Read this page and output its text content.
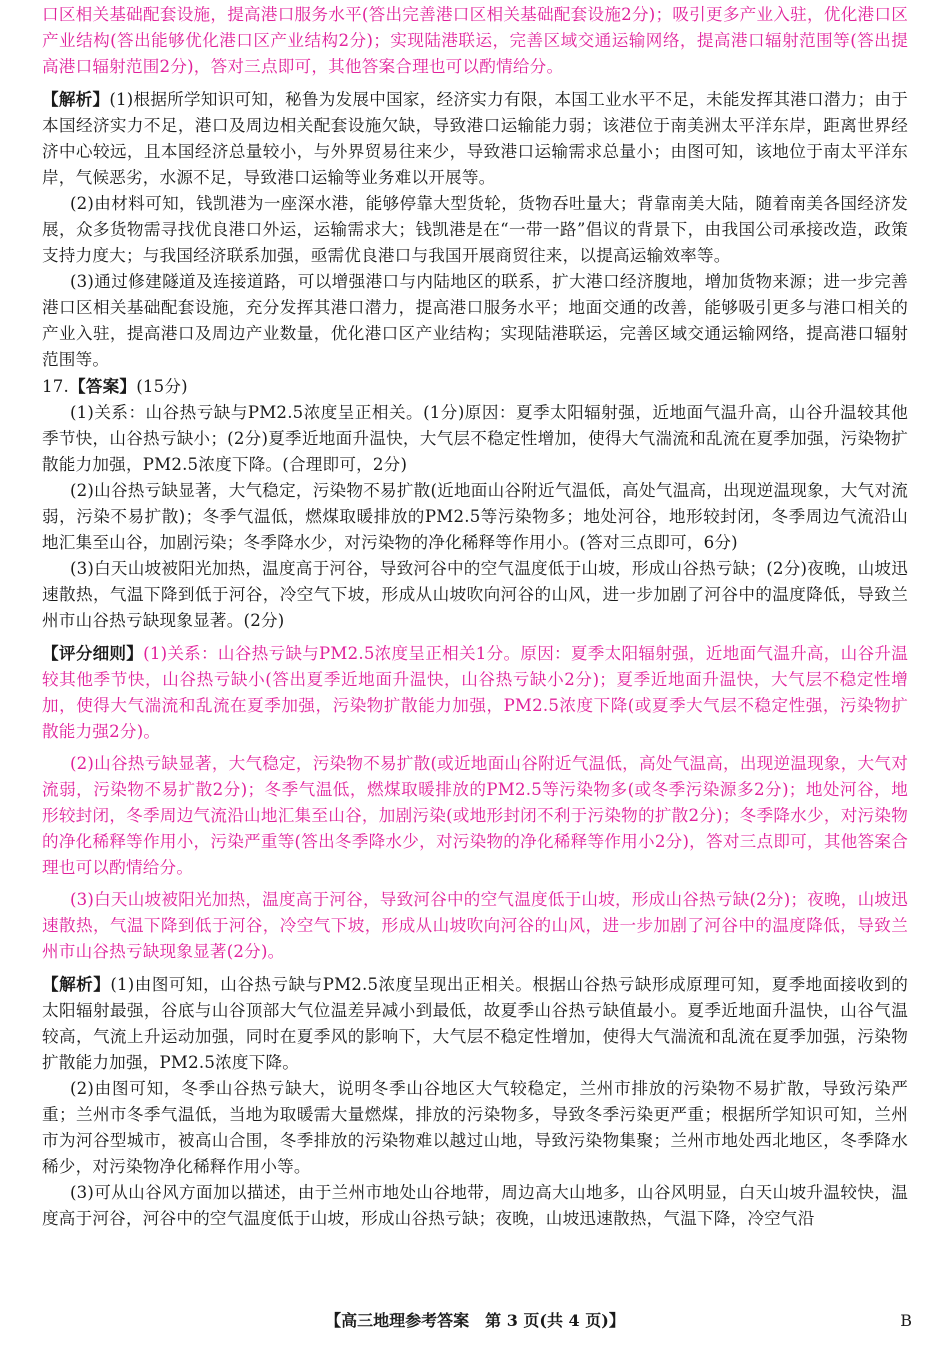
口区相关基础配套设施，提高港口服务水平(答出完善港口区相关基础配套设施2分)；吸引更多产业入驻，优化港口区产业结构(答出能够优化港口区产业结构2分)；实现陆港联运，完善区域交通运输网络，提高港口辐射范围等(答出提高港口辐射范围2分)，答对三点即可，其他答案合理也可以酌情给分。

【解析】(1)根据所学知识可知，秘鲁为发展中国家，经济实力有限，本国工业水平不足，未能发挥其港口潜力；由于本国经济实力不足，港口及周边相关配套设施欠缺，导致港口运输能力弱；该港位于南美洲太平洋东岸，距离世界经济中心较远，且本国经济总量较小，与外界贸易往来少，导致港口运输需求总量小；由图可知，该地位于南太平洋东岸，气候恶劣，水源不足，导致港口运输等业务难以开展等。

(2)由材料可知，钱凯港为一座深水港，能够停靠大型货轮，货物吞吐量大；背靠南美大陆，随着南美各国经济发展，众多货物需寻找优良港口外运，运输需求大；钱凯港是在“一带一路”倡议的背景下，由我国公司承接改造，政策支持力度大；与我国经济联系加强，亟需优良港口与我国开展商贸往来，以提高运输效率等。

(3)通过修建隧道及连接道路，可以增强港口与内陆地区的联系，扩大港口经济腹地，增加货物来源；进一步完善港口区相关基础配套设施，充分发挥其港口潜力，提高港口服务水平；地面交通的改善，能够吸引更多与港口相关的产业入驻，提高港口及周边产业数量，优化港口区产业结构；实现陆港联运，完善区域交通运输网络，提高港口辐射范围等。

17.【答案】(15分)

(1)关系：山谷热亏缺与PM2.5浓度呈正相关。(1分)原因：夏季太阳辐射强，近地面气温升高，山谷升温较其他季节快，山谷热亏缺小；(2分)夏季近地面升温快，大气层不稳定性增加，使得大气湍流和乱流在夏季加强，污染物扩散能力加强，PM2.5浓度下降。(合理即可，2分)

(2)山谷热亏缺显著，大气稳定，污染物不易扩散(近地面山谷附近气温低，高处气温高，出现逆温现象，大气对流弱，污染不易扩散)；冬季气温低，燃煤取暖排放的PM2.5等污染物多；地处河谷，地形较封闭，冬季周边气流沿山地汇集至山谷，加剧污染；冬季降水少，对污染物的净化稀释等作用小。(答对三点即可，6分)

(3)白天山坡被阳光加热，温度高于河谷，导致河谷中的空气温度低于山坡，形成山谷热亏缺；(2分)夜晚，山坡迅速散热，气温下降到低于河谷，冷空气下坡，形成从山坡吹向河谷的山风，进一步加剧了河谷中的温度降低，导致兰州市山谷热亏缺现象显著。(2分)

【评分细则】(1)关系：山谷热亏缺与PM2.5浓度呈正相关1分。原因：夏季太阳辐射强，近地面气温升高，山谷升温较其他季节快，山谷热亏缺小(答出夏季近地面升温快，山谷热亏缺小2分)；夏季近地面升温快，大气层不稳定性增加，使得大气湍流和乱流在夏季加强，污染物扩散能力加强，PM2.5浓度下降(或夏季大气层不稳定性强，污染物扩散能力强2分)。

(2)山谷热亏缺显著，大气稳定，污染物不易扩散(或近地面山谷附近气温低，高处气温高，出现逆温现象，大气对流弱，污染物不易扩散2分)；冬季气温低，燃煤取暖排放的PM2.5等污染物多(或冬季污染源多2分)；地处河谷，地形较封闭，冬季周边气流沿山地汇集至山谷，加剧污染(或地形封闭不利于污染物的扩散2分)；冬季降水少，对污染物的净化稀释等作用小，污染严重等(答出冬季降水少，对污染物的净化稀释等作用小2分)，答对三点即可，其他答案合理也可以酌情给分。

(3)白天山坡被阳光加热，温度高于河谷，导致河谷中的空气温度低于山坡，形成山谷热亏缺(2分)；夜晚，山坡迅速散热，气温下降到低于河谷，冷空气下坡，形成从山坡吹向河谷的山风，进一步加剧了河谷中的温度降低，导致兰州市山谷热亏缺现象显著(2分)。

【解析】(1)由图可知，山谷热亏缺与PM2.5浓度呈现出正相关。根据山谷热亏缺形成原理可知，夏季地面接收到的太阳辐射最强，谷底与山谷顶部大气位温差异减小到最低，故夏季山谷热亏缺值最小。夏季近地面升温快，山谷气温较高，气流上升运动加强，同时在夏季风的影响下，大气层不稳定性增加，使得大气湍流和乱流在夏季加强，污染物扩散能力加强，PM2.5浓度下降。

(2)由图可知，冬季山谷热亏缺大，说明冬季山谷地区大气较稳定，兰州市排放的污染物不易扩散，导致污染严重；兰州市冬季气温低，当地为取暖需大量燃煤，排放的污染物多，导致冬季污染更严重；根据所学知识可知，兰州市为河谷型城市，被高山合围，冬季排放的污染物难以越过山地，导致污染物集聚；兰州市地处西北地区，冬季降水稀少，对污染物净化稀释作用小等。

(3)可从山谷风方面加以描述，由于兰州市地处山谷地带，周边高大山地多，山谷风明显，白天山坡升温较快，温度高于河谷，河谷中的空气温度低于山坡，形成山谷热亏缺；夜晚，山坡迅速散热，气温下降，冷空气沿

【高三地理参考答案　第 3 页(共 4 页)】	B
